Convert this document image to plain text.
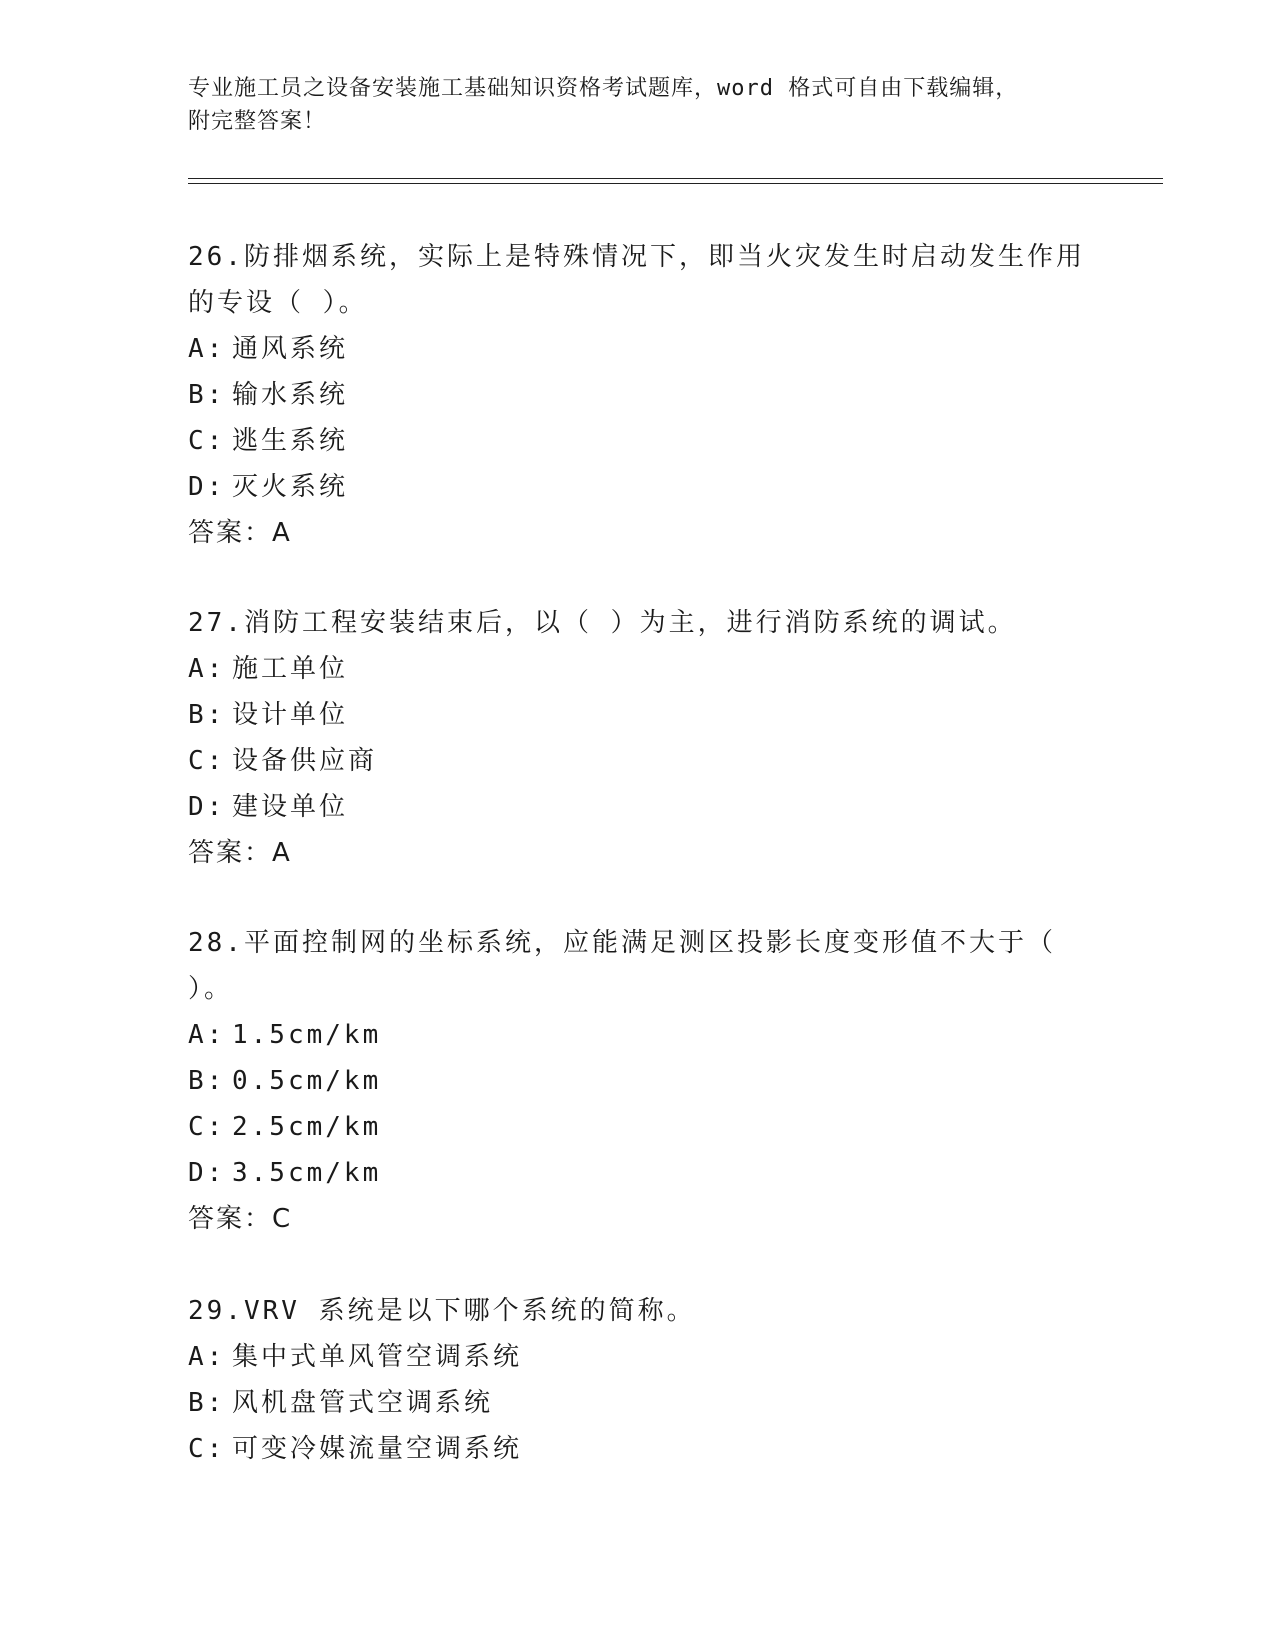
专业施工员之设备安装施工基础知识资格考试题库，word 格式可自由下载编辑，
附完整答案！
26.防排烟系统，实际上是特殊情况下，即当火灾发生时启动发生作用
的专设（ ）。
A: 通风系统
B: 输水系统
C: 逃生系统
D: 灭火系统
答案：A
27.消防工程安装结束后，以（ ）为主，进行消防系统的调试。
A: 施工单位
B: 设计单位
C: 设备供应商
D: 建设单位
答案：A
28.平面控制网的坐标系统，应能满足测区投影长度变形值不大于（
）。
A: 1.5cm/km
B: 0.5cm/km
C: 2.5cm/km
D: 3.5cm/km
答案：C
29.VRV 系统是以下哪个系统的简称。
A: 集中式单风管空调系统
B: 风机盘管式空调系统
C: 可变冷媒流量空调系统
